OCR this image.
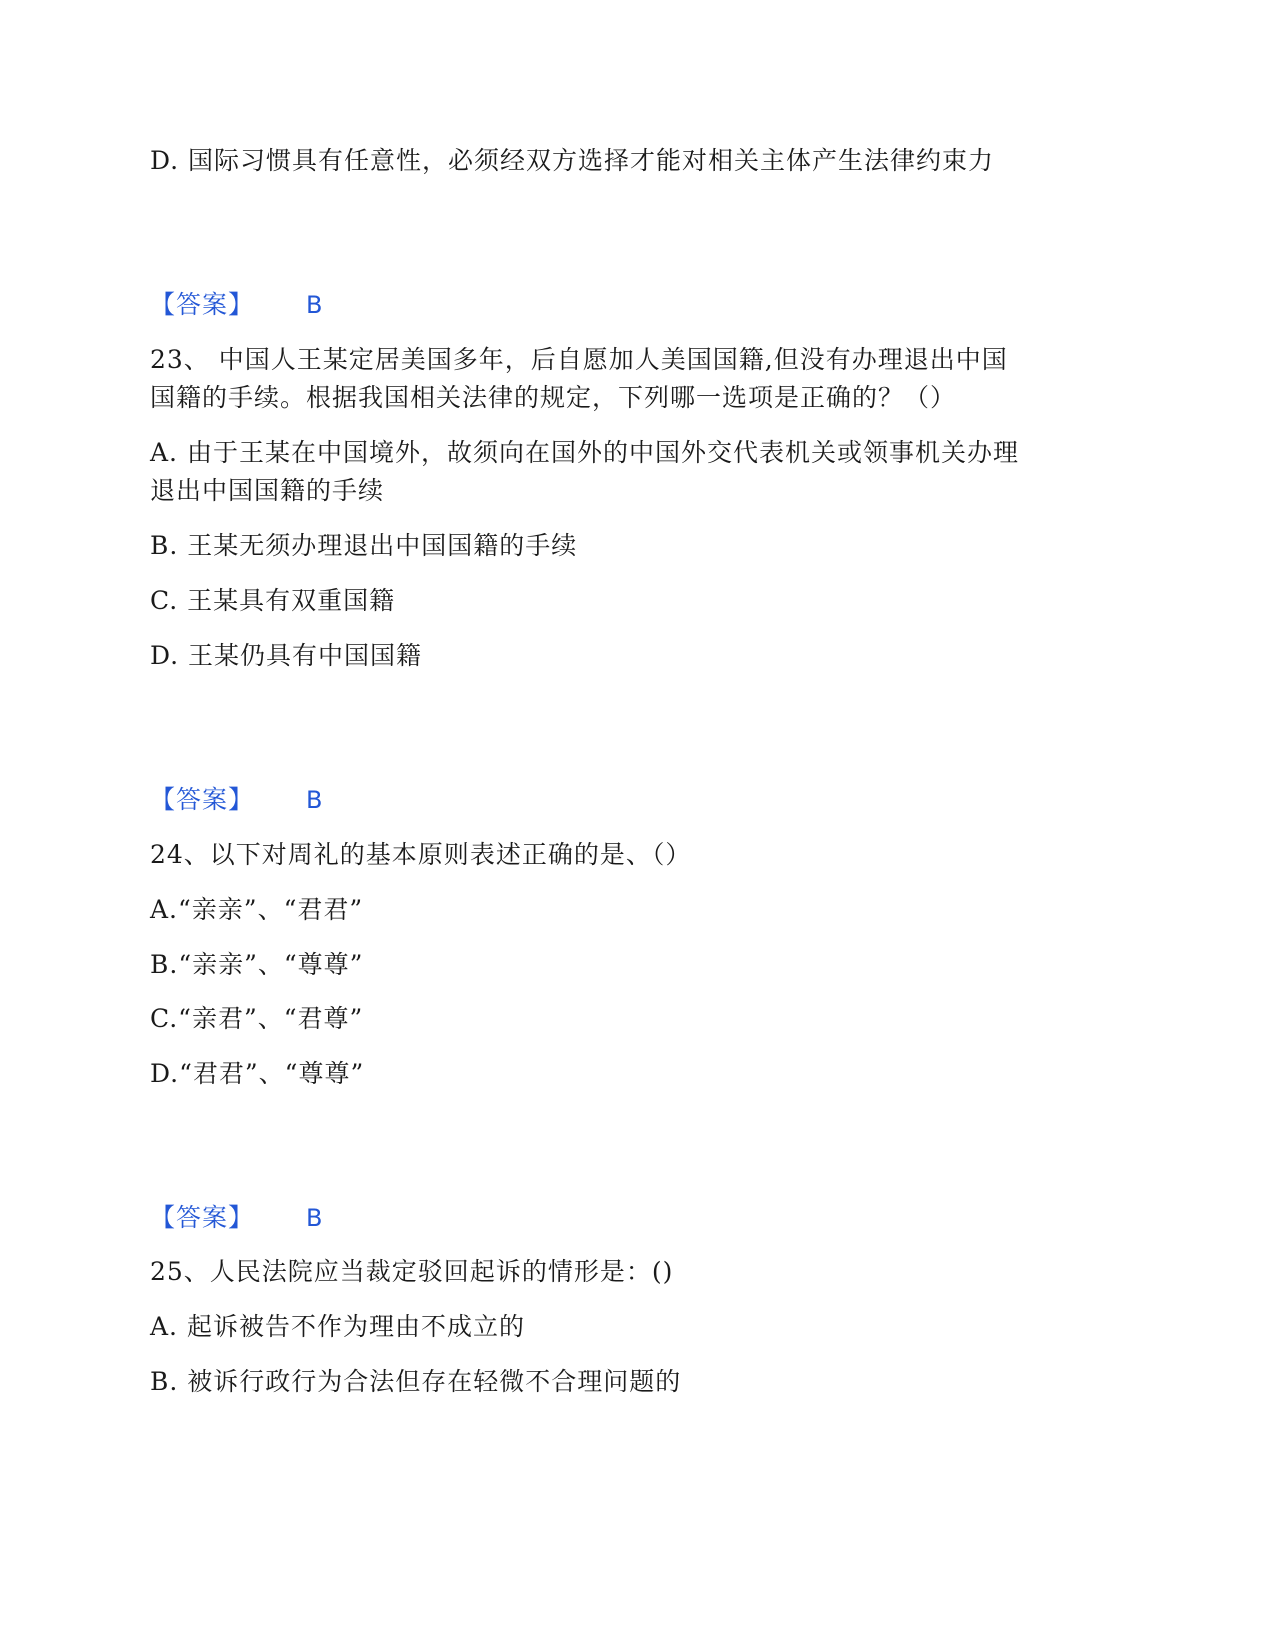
D. 国际习惯具有任意性，必须经双方选择才能对相关主体产生法律约束力
【答案】 B
23、 中国人王某定居美国多年，后自愿加人美国国籍,但没有办理退出中国
国籍的手续。根据我国相关法律的规定，下列哪一选项是正确的？（）
A. 由于王某在中国境外，故须向在国外的中国外交代表机关或领事机关办理
退出中国国籍的手续
B. 王某无须办理退出中国国籍的手续
C. 王某具有双重国籍
D. 王某仍具有中国国籍
【答案】 B
24、以下对周礼的基本原则表述正确的是、（）
A.“亲亲”、“君君”
B.“亲亲”、“尊尊”
C.“亲君”、“君尊”
D.“君君”、“尊尊”
【答案】 B
25、人民法院应当裁定驳回起诉的情形是：()
A. 起诉被告不作为理由不成立的
B. 被诉行政行为合法但存在轻微不合理问题的
